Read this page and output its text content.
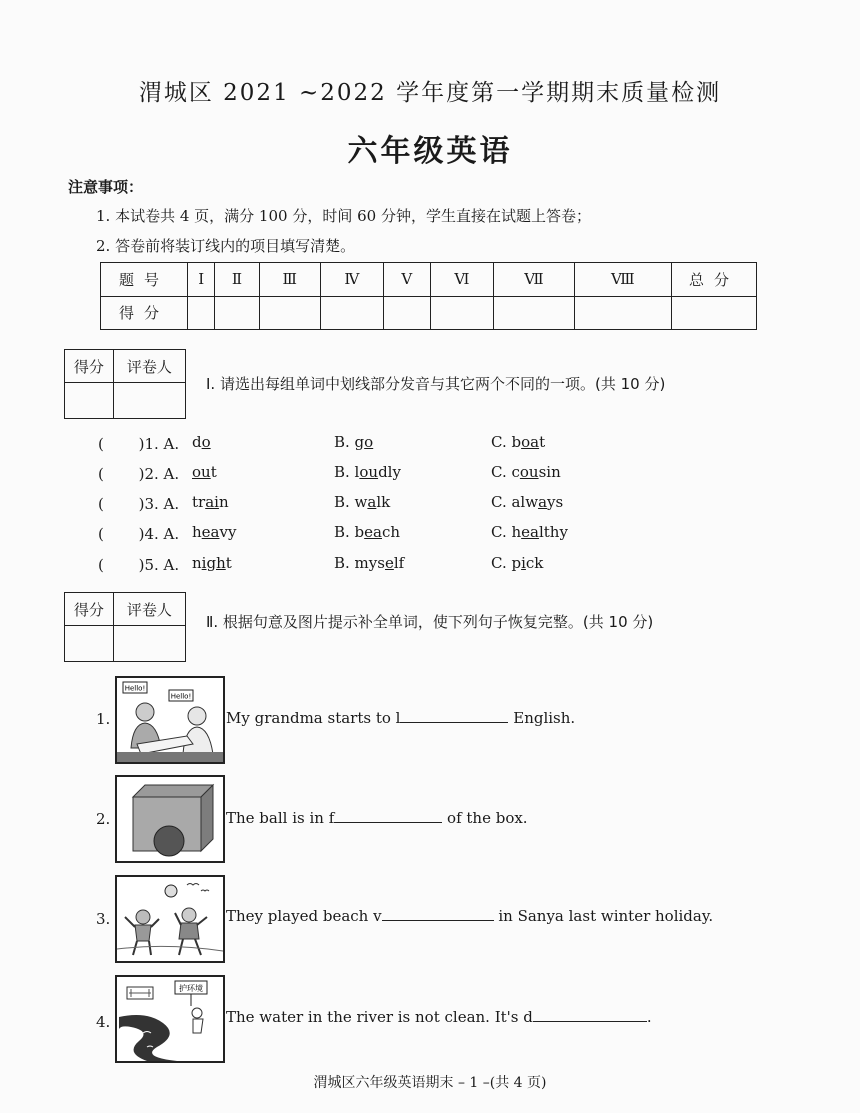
渭城区 2021 ~2022 学年度第一学期期末质量检测
六年级英语
注意事项：
1. 本试卷共 4 页，满分 100 分，时间 60 分钟，学生直接在试题上答卷；
2. 答卷前将装订线内的项目填写清楚。
题号	Ⅰ	Ⅱ	Ⅲ	Ⅳ	Ⅴ	Ⅵ	Ⅶ	Ⅷ	总分
得分									
得分	评卷人

Ⅰ. 请选出每组单词中划线部分发音与其它两个不同的一项。(共 10 分)
( 　　)1. A. do	B. go	C. boat
( 　　)2. A. out	B. loudly	C. cousin
( 　　)3. A. train	B. walk	C. always
( 　　)4. A. heavy	B. beach	C. healthy
( 　　)5. A. night	B. myself	C. pick
得分	评卷人

Ⅱ. 根据句意及图片提示补全单词，使下列句子恢复完整。(共 10 分)
1.
Hello!
Hello!
My grandma starts to l	English.
2.	The ball is in f	of the box.
3.	They played beach v	in Sanya last winter holiday.
4.
护环境
The water in the river is not clean. It's d	.
渭城区六年级英语期末 – 1 –(共 4 页)
